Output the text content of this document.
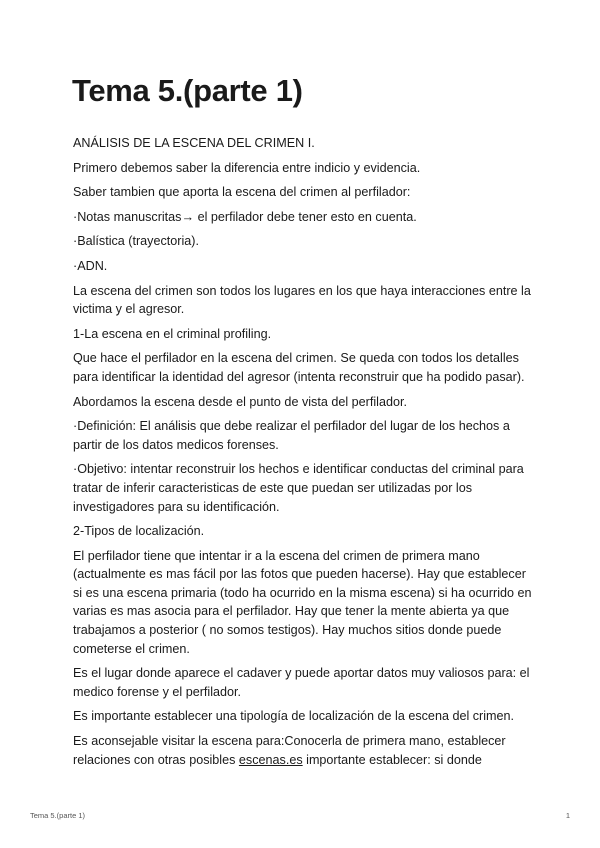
Tema 5.(parte 1)

ANÁLISIS DE LA ESCENA DEL CRIMEN I.

Primero debemos saber la diferencia entre indicio y evidencia.

Saber tambien que aporta la escena del crimen al perfilador:

·Notas manuscritas→ el perfilador debe tener esto en cuenta.

·Balística (trayectoria).

·ADN.

La escena del crimen son todos los lugares en los que haya interacciones entre la victima y el agresor.

1-La escena en el criminal profiling.

Que hace el perfilador en la escena del crimen. Se queda con todos los detalles para identificar la identidad del agresor (intenta reconstruir que ha podido pasar).

Abordamos la escena desde el punto de vista del perfilador.

·Definición: El análisis que debe realizar el perfilador del lugar de los hechos a partir de los datos medicos forenses.

·Objetivo: intentar reconstruir los hechos e identificar conductas del criminal para tratar de inferir caracteristicas de este que puedan ser utilizadas por los investigadores para su identificación.

2-Tipos de localización.

El perfilador tiene que intentar ir a la escena del crimen de primera mano (actualmente es mas fácil por las fotos que pueden hacerse). Hay que establecer si es una escena primaria (todo ha ocurrido en la misma escena) si ha ocurrido en varias es mas asocia para el perfilador. Hay que tener la mente abierta ya que trabajamos a posterior ( no somos testigos). Hay muchos sitios donde puede cometerse el crimen.

Es el lugar donde aparece el cadaver y puede aportar datos muy valiosos para: el medico forense y el perfilador.

Es importante establecer una tipología de localización de la escena del crimen.

Es aconsejable visitar la escena para:Conocerla de primera mano, establecer relaciones con otras posibles escenas.es importante establecer: si donde

Tema 5.(parte 1)	1
